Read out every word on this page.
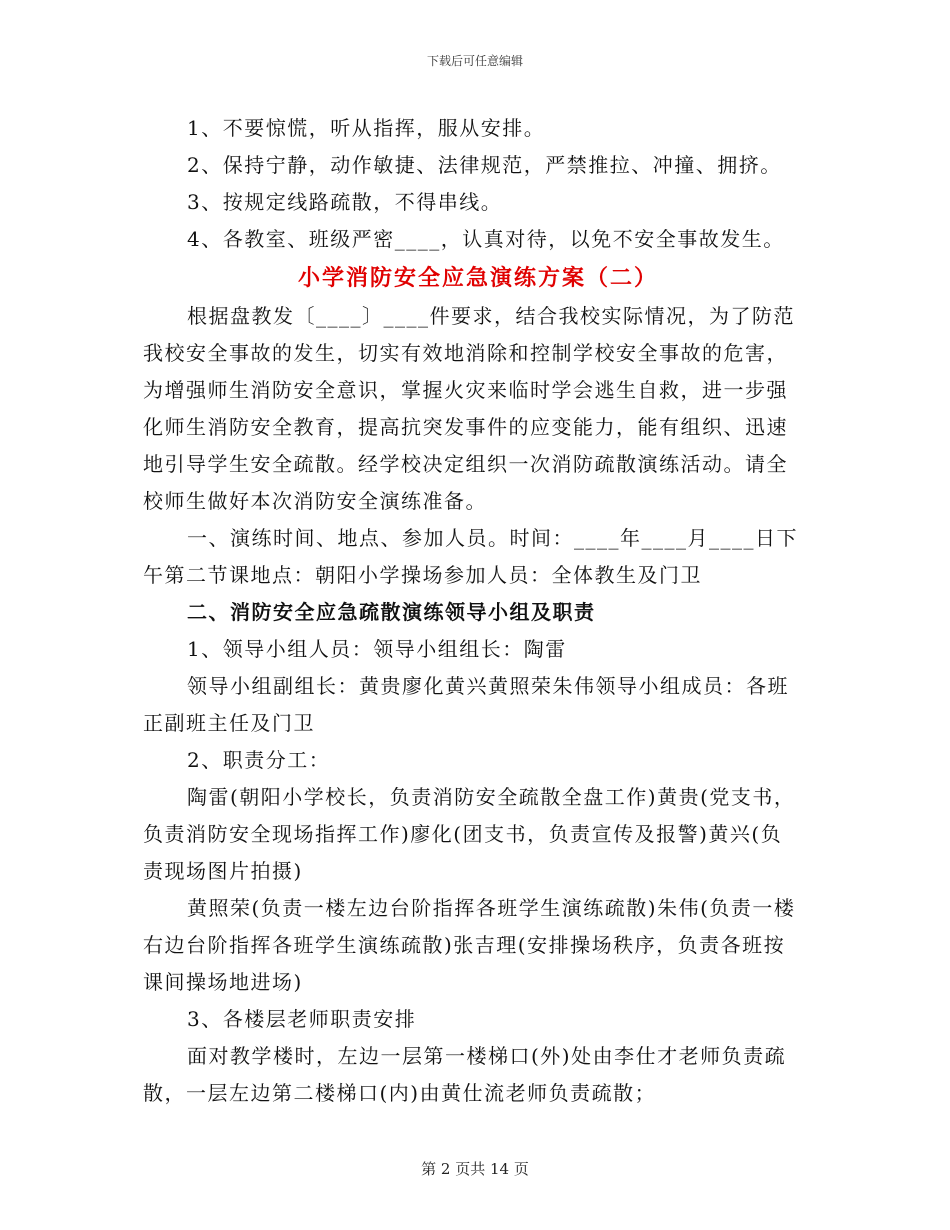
下载后可任意编辑
1、不要惊慌，听从指挥，服从安排。
2、保持宁静，动作敏捷、法律规范，严禁推拉、冲撞、拥挤。
3、按规定线路疏散，不得串线。
4、各教室、班级严密____，认真对待，以免不安全事故发生。
小学消防安全应急演练方案（二）
根据盘教发〔____〕____件要求，结合我校实际情况，为了防范
我校安全事故的发生，切实有效地消除和控制学校安全事故的危害，
为增强师生消防安全意识，掌握火灾来临时学会逃生自救，进一步强
化师生消防安全教育，提高抗突发事件的应变能力，能有组织、迅速
地引导学生安全疏散。经学校决定组织一次消防疏散演练活动。请全
校师生做好本次消防安全演练准备。
一、演练时间、地点、参加人员。时间：____年____月____日下
午第二节课地点：朝阳小学操场参加人员：全体教生及门卫
二、消防安全应急疏散演练领导小组及职责
1、领导小组人员：领导小组组长：陶雷
领导小组副组长：黄贵廖化黄兴黄照荣朱伟领导小组成员：各班
正副班主任及门卫
2、职责分工：
陶雷(朝阳小学校长，负责消防安全疏散全盘工作)黄贵(党支书，
负责消防安全现场指挥工作)廖化(团支书，负责宣传及报警)黄兴(负
责现场图片拍摄)
黄照荣(负责一楼左边台阶指挥各班学生演练疏散)朱伟(负责一楼
右边台阶指挥各班学生演练疏散)张吉理(安排操场秩序，负责各班按
课间操场地进场)
3、各楼层老师职责安排
面对教学楼时，左边一层第一楼梯口(外)处由李仕才老师负责疏
散，一层左边第二楼梯口(内)由黄仕流老师负责疏散；
第 2 页共 14 页
